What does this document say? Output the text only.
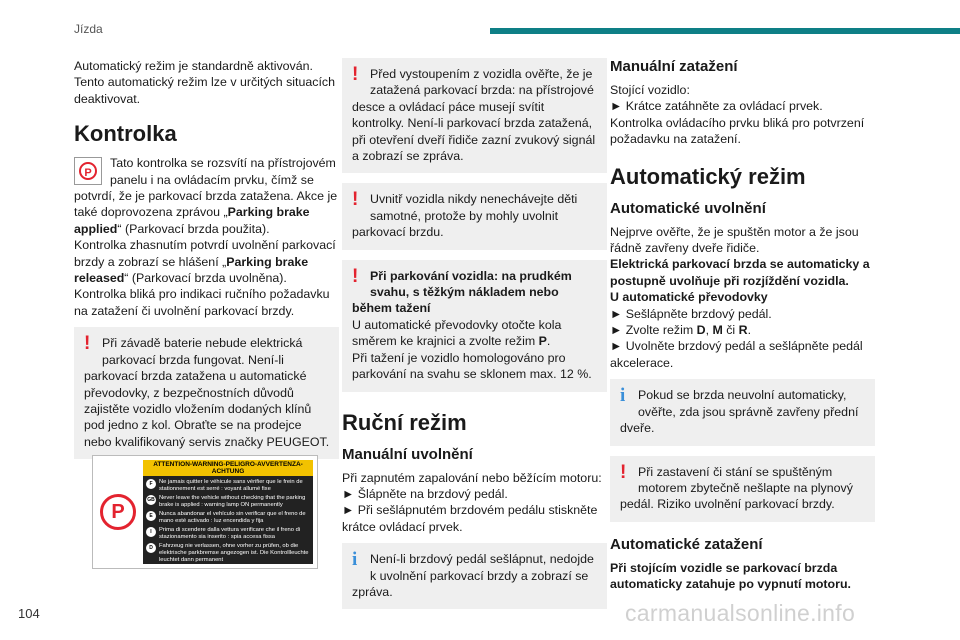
Jízda

Automatický režim je standardně aktivován. Tento automatický režim lze v určitých situacích deaktivovat.

Kontrolka
P

Tato kontrolka se rozsvítí na přístrojovém panelu i na ovládacím prvku, čímž se potvrdí, že je parkovací brzda zatažena. Akce je také doprovozena zprávou „Parking brake applied“ (Parkovací brzda použita).

Kontrolka zhasnutím potvrdí uvolnění parkovací brzdy a zobrazí se hlášení „Parking brake released“ (Parkovací brzda uvolněna).

Kontrolka bliká pro indikaci ručního požadavku na zatažení či uvolnění parkovací brzdy.

! Při závadě baterie nebude elektrická parkovací brzda fungovat. Není-li parkovací brzda zatažena u automatické převodovky, z bezpečnostních důvodů zajistěte vozidlo vložením dodaných klínů pod jedno z kol. Obraťte se na prodejce nebo kvalifikovaný servis značky PEUGEOT.

P
ATTENTION-WARNING-PELIGRO-AVVERTENZA-ACHTUNG
F	Ne jamais quitter le véhicule sans vérifier que le frein de stationnement est serré : voyant allumé fixe
GB Never leave the vehicle without checking that the parking brake is applied : warning lamp ON permanently
E	Nunca abandonar el vehículo sin verificar que el freno de mano esté activado : luz encendida y fija
I	Prima di scendere dalla vettura verificare che il freno di stazionamento sia inserito : spia accesa fissa
D	Fahrzeug nie verlassen, ohne vorher zu prüfen, ob die elektrische parkbremse angezogen ist. Die Kontrollleuchte leuchtet dann permanent
! Před vystoupením z vozidla ověřte, že je zatažená parkovací brzda: na přístrojové desce a ovládací páce musejí svítit kontrolky. Není-li parkovací brzda zatažená, při otevření dveří řidiče zazní zvukový signál a zobrazí se zpráva.

! Uvnitř vozidla nikdy nenechávejte děti samotné, protože by mohly uvolnit parkovací brzdu.

! Při parkování vozidla: na prudkém svahu, s těžkým nákladem nebo během tažení

U automatické převodovky otočte kola směrem ke krajnici a zvolte režim P.

Při tažení je vozidlo homologováno pro parkování na svahu se sklonem max. 12 %.

Ruční režim
Manuální uvolnění

Při zapnutém zapalování nebo běžícím motoru:

► Šlápněte na brzdový pedál.

► Při sešlápnutém brzdovém pedálu stiskněte krátce ovládací prvek.

i	Není-li brzdový pedál sešlápnut, nedojde k uvolnění parkovací brzdy a zobrazí se zpráva.

Manuální zatažení

Stojící vozidlo:

► Krátce zatáhněte za ovládací prvek.

Kontrolka ovládacího prvku bliká pro potvrzení požadavku na zatažení.

Automatický režim
Automatické uvolnění

Nejprve ověřte, že je spuštěn motor a že jsou řádně zavřeny dveře řidiče.

Elektrická parkovací brzda se automaticky a postupně uvolňuje při rozjíždění vozidla.

U automatické převodovky

► Sešlápněte brzdový pedál.

► Zvolte režim D, M či R.

► Uvolněte brzdový pedál a sešlápněte pedál akcelerace.

i	Pokud se brzda neuvolní automaticky, ověřte, zda jsou správně zavřeny přední dveře.

! Při zastavení či stání se spuštěným motorem zbytečně nešlapte na plynový pedál. Riziko uvolnění parkovací brzdy.

Automatické zatažení

Při stojícím vozidle se parkovací brzda automaticky zatahuje po vypnutí motoru.

104	carmanualsonline.info
